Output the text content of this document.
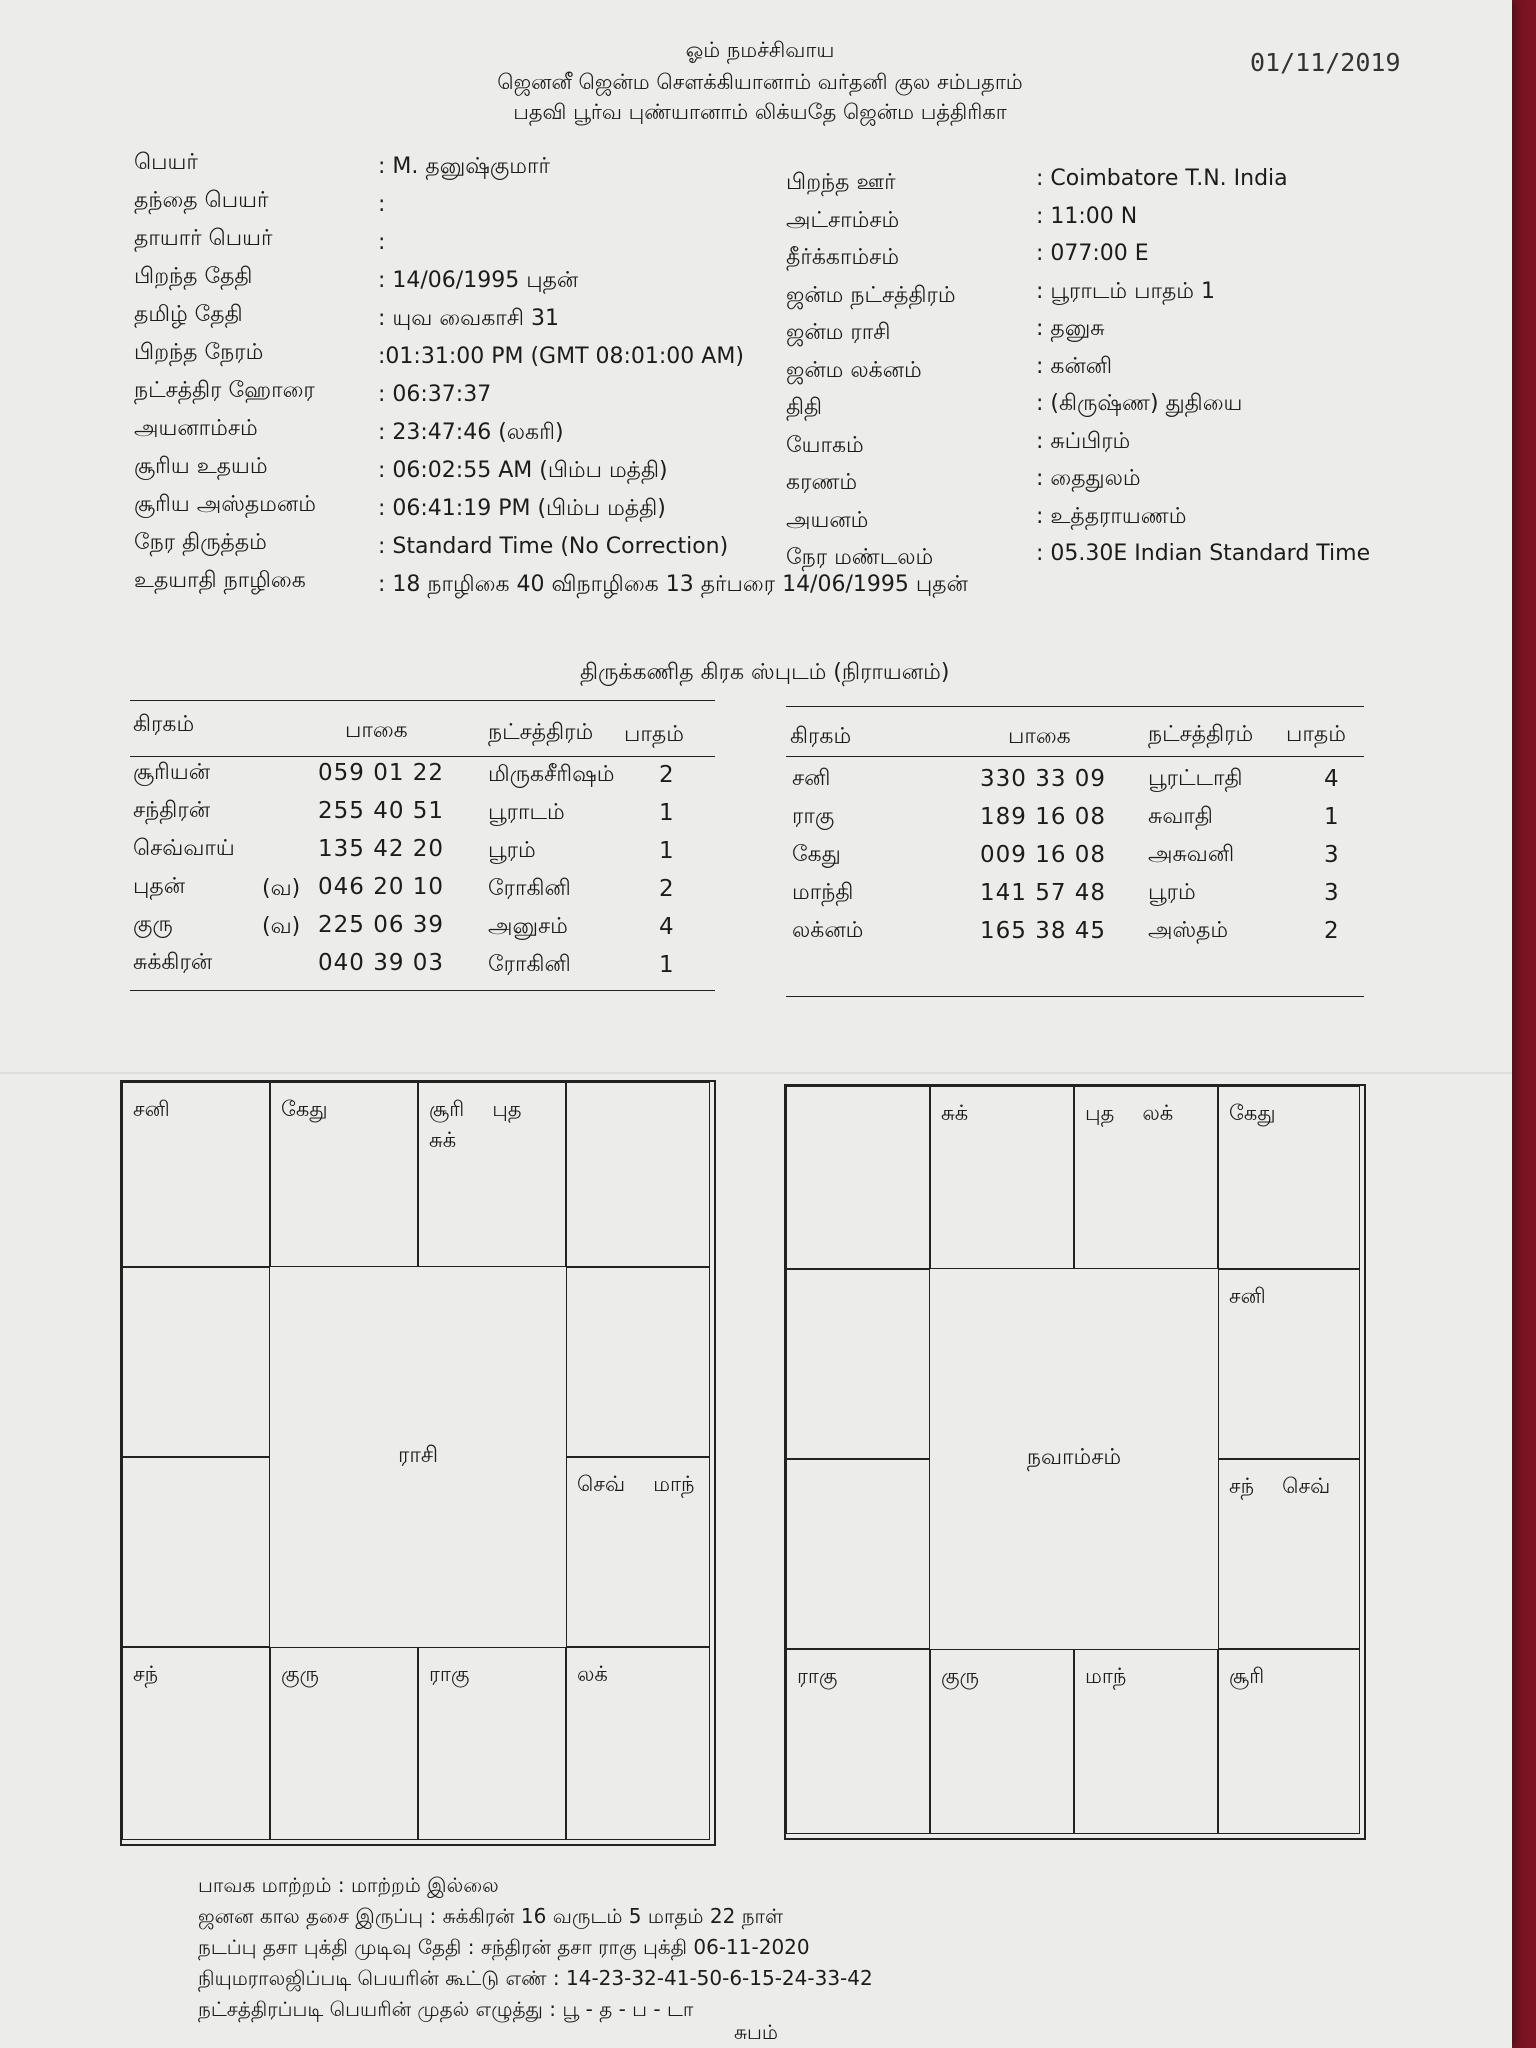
ஓம் நமச்சிவாய
ஜெனனீ ஜென்ம சௌக்கியானாம் வர்தனி குல சம்பதாம்
பதவி பூர்வ புண்யானாம் லிக்யதே ஜென்ம பத்திரிகா
01/11/2019
பெயர்	: M. தனுஷ்குமார்
தந்தை பெயர்	:
தாயார் பெயர்	:
பிறந்த தேதி	: 14/06/1995 புதன்
தமிழ் தேதி	: யுவ வைகாசி 31
பிறந்த நேரம்	:01:31:00 PM (GMT 08:01:00 AM)
நட்சத்திர ஹோரை	: 06:37:37
அயனாம்சம்	: 23:47:46 (லகரி)
சூரிய உதயம்	: 06:02:55 AM (பிம்ப மத்தி)
சூரிய அஸ்தமனம்	: 06:41:19 PM (பிம்ப மத்தி)
நேர திருத்தம்	: Standard Time (No Correction)
உதயாதி நாழிகை	: 18 நாழிகை 40 விநாழிகை 13 தர்பரை 14/06/1995 புதன்
பிறந்த ஊர்	: Coimbatore T.N. India
அட்சாம்சம்	: 11:00 N
தீர்க்காம்சம்	: 077:00 E
ஜன்ம நட்சத்திரம்	: பூராடம் பாதம் 1
ஜன்ம ராசி	: தனுசு
ஜன்ம லக்னம்	: கன்னி
திதி	: (கிருஷ்ண) துதியை
யோகம்	: சுப்பிரம்
கரணம்	: தைதுலம்
அயனம்	: உத்தராயணம்
நேர மண்டலம்	: 05.30E Indian Standard Time
திருக்கணித கிரக ஸ்புடம் (நிராயனம்)
கிரகம்	பாகை	நட்சத்திரம் பாதம்
சூரியன்	059 01 22 மிருகசீரிஷம் 2
சந்திரன்	255 40 51 பூராடம்	1
செவ்வாய்	135 42 20 பூரம்	1
புதன்	(வ) 046 20 10 ரோகினி	2
குரு	(வ) 225 06 39 அனுசம்	4
சுக்கிரன்	040 39 03 ரோகினி	1
கிரகம்	பாகை	நட்சத்திரம் பாதம்
சனி	330 33 09 பூரட்டாதி	4
ராகு	189 16 08 சுவாதி	1
கேது	009 16 08 அசுவனி	3
மாந்தி	141 57 48 பூரம்	3
லக்னம்	165 38 45 அஸ்தம்	2
சனி	கேது	சூரி புத
சுக்
செவ் மாந்
சந்	குரு	ராகு	லக்
ராசி
சுக்	புத லக்	கேது
சனி
சந் செவ்
ராகு	குரு	மாந்	சூரி
நவாம்சம்
பாவக மாற்றம் : மாற்றம் இல்லை
ஜனன கால தசை இருப்பு : சுக்கிரன் 16 வருடம் 5 மாதம் 22 நாள்
நடப்பு தசா புக்தி முடிவு தேதி : சந்திரன் தசா ராகு புக்தி 06-11-2020
நியுமராலஜிப்படி பெயரின் கூட்டு எண் : 14-23-32-41-50-6-15-24-33-42
நட்சத்திரப்படி பெயரின் முதல் எழுத்து : பூ - த - ப - டா
சுபம்
